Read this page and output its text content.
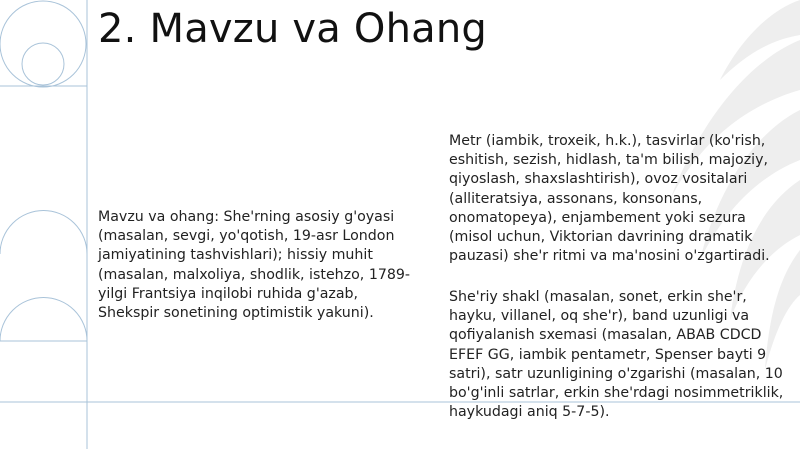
2. Mavzu va Ohang

Mavzu va ohang: She'rning asosiy g'oyasi (masalan, sevgi, yo'qotish, 19-asr London jamiyatining tashvishlari); hissiy muhit (masalan, malxoliya, shodlik, istehzo, 1789-yilgi Frantsiya inqilobi ruhida g'azab, Shekspir sonetining optimistik yakuni).

Metr (iambik, troxeik, h.k.), tasvirlar (ko'rish, eshitish, sezish, hidlash, ta'm bilish, majoziy, qiyoslash, shaxslashtirish), ovoz vositalari (alliteratsiya, assonans, konsonans, onomatopeya), enjambement yoki sezura (misol uchun, Viktorian davrining dramatik pauzasi) she'r ritmi va ma'nosini o'zgartiradi.

She'riy shakl (masalan, sonet, erkin she'r, hayku, villanel, oq she'r), band uzunligi va qofiyalanish sxemasi (masalan, ABAB CDCD EFEF GG, iambik pentametr, Spenser bayti 9 satri), satr uzunligining o'zgarishi (masalan, 10 bo'g'inli satrlar, erkin she'rdagi nosimmetriklik, haykudagi aniq 5-7-5).
